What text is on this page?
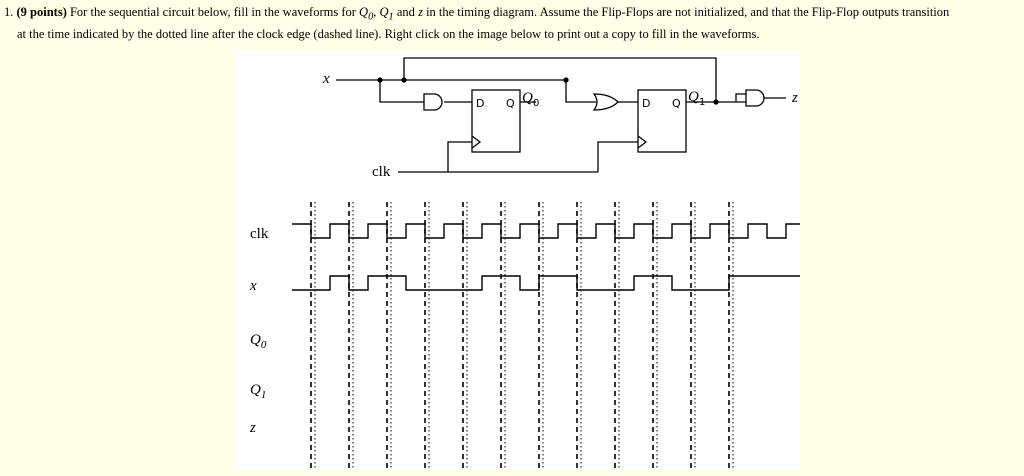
1. (9 points) For the sequential circuit below, fill in the waveforms for $Q_0$, $Q_1$ and z in the timing diagram. Assume the Flip-Flops are not initialized, and that the Flip-Flop outputs transition
at the time indicated by the dotted line after the clock edge (dashed line). Right click on the image below to print out a copy to fill in the waveforms.
x
clk
z
D Q Q 0	D Q Q 1
clk
x
$Q_0$
$Q_1$
z
